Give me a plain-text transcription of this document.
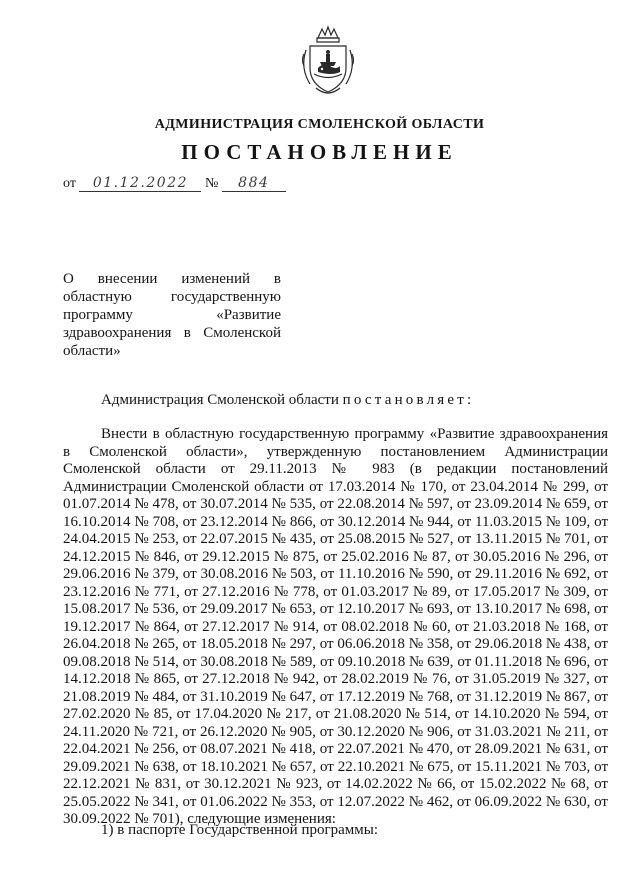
АДМИНИСТРАЦИЯ СМОЛЕНСКОЙ ОБЛАСТИ
ПОСТАНОВЛЕНИЕ
от 01.12.2022 № 884
О внесении изменений в областную государственную программу «Развитие здравоохранения в Смоленской области»
Администрация Смоленской области постановляет:
Внести в областную государственную программу «Развитие здравоохранения в Смоленской области», утвержденную постановлением Администрации Смоленской области от 29.11.2013 № 983 (в редакции постановлений Администрации Смоленской области от 17.03.2014 № 170, от 23.04.2014 № 299, от 01.07.2014 № 478, от 30.07.2014 № 535, от 22.08.2014 № 597, от 23.09.2014 № 659, от 16.10.2014 № 708, от 23.12.2014 № 866, от 30.12.2014 № 944, от 11.03.2015 № 109, от 24.04.2015 № 253, от 22.07.2015 № 435, от 25.08.2015 № 527, от 13.11.2015 № 701, от 24.12.2015 № 846, от 29.12.2015 № 875, от 25.02.2016 № 87, от 30.05.2016 № 296, от 29.06.2016 № 379, от 30.08.2016 № 503, от 11.10.2016 № 590, от 29.11.2016 № 692, от 23.12.2016 № 771, от 27.12.2016 № 778, от 01.03.2017 № 89, от 17.05.2017 № 309, от 15.08.2017 № 536, от 29.09.2017 № 653, от 12.10.2017 № 693, от 13.10.2017 № 698, от 19.12.2017 № 864, от 27.12.2017 № 914, от 08.02.2018 № 60, от 21.03.2018 № 168, от 26.04.2018 № 265, от 18.05.2018 № 297, от 06.06.2018 № 358, от 29.06.2018 № 438, от 09.08.2018 № 514, от 30.08.2018 № 589, от 09.10.2018 № 639, от 01.11.2018 № 696, от 14.12.2018 № 865, от 27.12.2018 № 942, от 28.02.2019 № 76, от 31.05.2019 № 327, от 21.08.2019 № 484, от 31.10.2019 № 647, от 17.12.2019 № 768, от 31.12.2019 № 867, от 27.02.2020 № 85, от 17.04.2020 № 217, от 21.08.2020 № 514, от 14.10.2020 № 594, от 24.11.2020 № 721, от 26.12.2020 № 905, от 30.12.2020 № 906, от 31.03.2021 № 211, от 22.04.2021 № 256, от 08.07.2021 № 418, от 22.07.2021 № 470, от 28.09.2021 № 631, от 29.09.2021 № 638, от 18.10.2021 № 657, от 22.10.2021 № 675, от 15.11.2021 № 703, от 22.12.2021 № 831, от 30.12.2021 № 923, от 14.02.2022 № 66, от 15.02.2022 № 68, от 25.05.2022 № 341, от 01.06.2022 № 353, от 12.07.2022 № 462, от 06.09.2022 № 630, от 30.09.2022 № 701), следующие изменения:
1) в паспорте Государственной программы:
